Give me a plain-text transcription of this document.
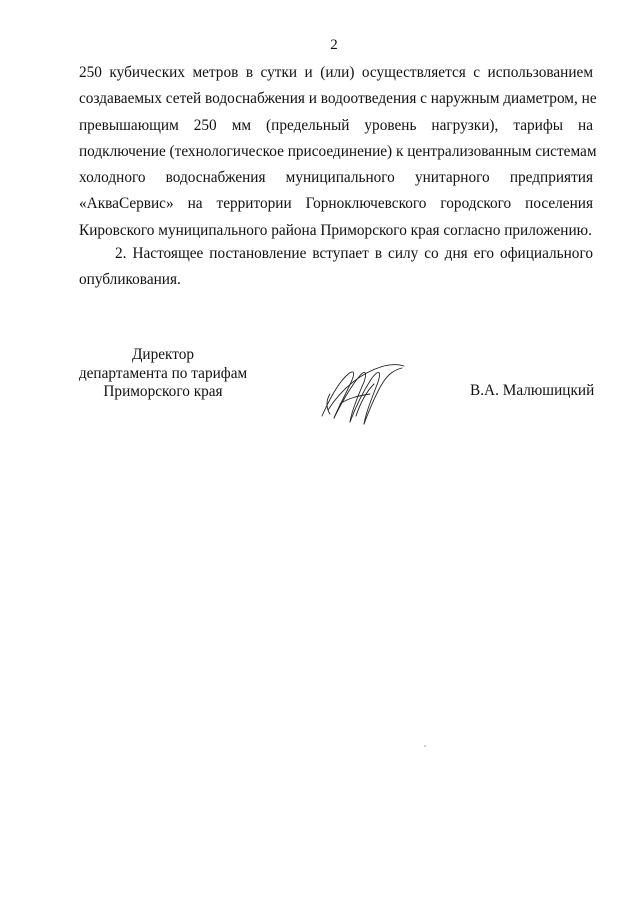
2
250 кубических метров в сутки и (или) осуществляется с использованием
создаваемых сетей водоснабжения и водоотведения с наружным диаметром, не
превышающим 250 мм (предельный уровень нагрузки), тарифы на
подключение (технологическое присоединение) к централизованным системам
холодного водоснабжения муниципального унитарного предприятия
«АкваСервис» на территории Горноключевского городского поселения
Кировского муниципального района Приморского края согласно приложению.
2. Настоящее постановление вступает в силу со дня его официального
опубликования.
Директор
департамента по тарифам
Приморского края	В.А. Малюшицкий
